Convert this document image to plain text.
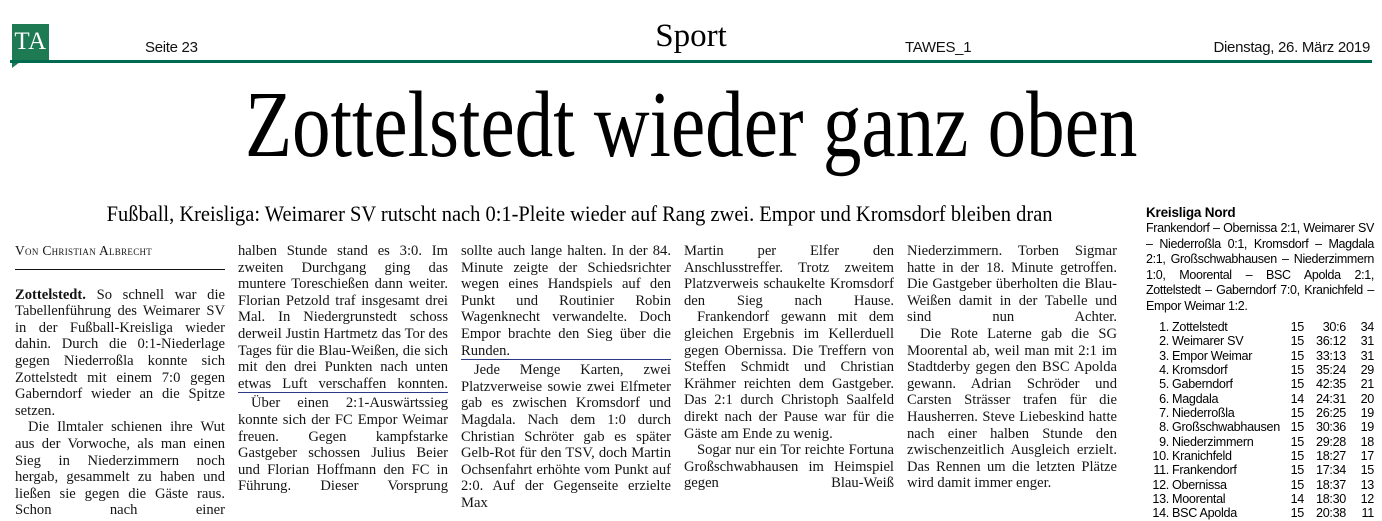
TA	Seite 23	Sport	TAWES_1	Dienstag, 26. März 2019
Zottelstedt wieder ganz oben
Fußball, Kreisliga: Weimarer SV rutscht nach 0:1-Pleite wieder auf Rang zwei. Empor und Kromsdorf bleiben dran
Von Christian Albrecht

Zottelstedt. So schnell war die Tabellenführung des Weimarer SV in der Fußball-Kreisliga wieder dahin. Durch die 0:1-Niederlage gegen Niederroßla konnte sich Zottelstedt mit einem 7:0 gegen Gaberndorf wieder an die Spitze setzen.

Die Ilmtaler schienen ihre Wut aus der Vorwoche, als man einen Sieg in Niederzimmern noch hergab, gesammelt zu haben und ließen sie gegen die Gäste raus. Schon nach einer

halben Stunde stand es 3:0. Im zweiten Durchgang ging das muntere Toreschießen dann weiter. Florian Petzold traf insgesamt drei Mal. In Niedergrunstedt schoss derweil Justin Hartmetz das Tor des Tages für die Blau-Weißen, die sich mit den drei Punkten nach unten etwas Luft verschaffen konnten.

Über einen 2:1-Auswärtssieg konnte sich der FC Empor Weimar freuen. Gegen kampfstarke Gastgeber schossen Julius Beier und Florian Hoffmann den FC in Führung. Dieser Vorsprung

sollte auch lange halten. In der 84. Minute zeigte der Schiedsrichter wegen eines Handspiels auf den Punkt und Routinier Robin Wagenknecht verwandelte. Doch Empor brachte den Sieg über die Runden.

Jede Menge Karten, zwei Platzverweise sowie zwei Elfmeter gab es zwischen Kromsdorf und Magdala. Nach dem 1:0 durch Christian Schröter gab es später Gelb-Rot für den TSV, doch Martin Ochsenfahrt erhöhte vom Punkt auf 2:0. Auf der Gegenseite erzielte Max

Martin per Elfer den Anschlusstreffer. Trotz zweitem Platzverweis schaukelte Kromsdorf den Sieg nach Hause.

Frankendorf gewann mit dem gleichen Ergebnis im Kellerduell gegen Obernissa. Die Treffern von Steffen Schmidt und Christian Krähmer reichten dem Gastgeber. Das 2:1 durch Christoph Saalfeld direkt nach der Pause war für die Gäste am Ende zu wenig.

Sogar nur ein Tor reichte Fortuna Großschwabhausen im Heimspiel gegen Blau-Weiß

Niederzimmern. Torben Sigmar hatte in der 18. Minute getroffen. Die Gastgeber überholten die Blau-Weißen damit in der Tabelle und sind nun Achter.

Die Rote Laterne gab die SG Moorental ab, weil man mit 2:1 im Stadtderby gegen den BSC Apolda gewann. Adrian Schröder und Carsten Strässer trafen für die Hausherren. Steve Liebeskind hatte nach einer halben Stunde den zwischenzeitlich Ausgleich erzielt. Das Rennen um die letzten Plätze wird damit immer enger.

Kreisliga Nord

Frankendorf – Obernissa 2:1, Weimarer SV – Niederroßla 0:1, Kromsdorf – Magdala 2:1, Großschwabhausen – Niederzimmern 1:0, Moorental – BSC Apolda 2:1, Zottelstedt – Gaberndorf 7:0, Kranichfeld – Empor Weimar 1:2.

1. Zottelstedt	15	30:6	34
2. Weimarer SV	15 36:12	31
3. Empor Weimar	15 33:13	31
4. Kromsdorf	15 35:24	29
5. Gaberndorf	15 42:35	21
6. Magdala	14 24:31	20
7. Niederroßla	15 26:25	19
8. Großschwabhausen 15 30:36	19
9. Niederzimmern	15 29:28	18
10. Kranichfeld	15 18:27	17
11. Frankendorf	15 17:34	15
12. Obernissa	15 18:37	13
13. Moorental	14 18:30	12
14. BSC Apolda	15 20:38	11
